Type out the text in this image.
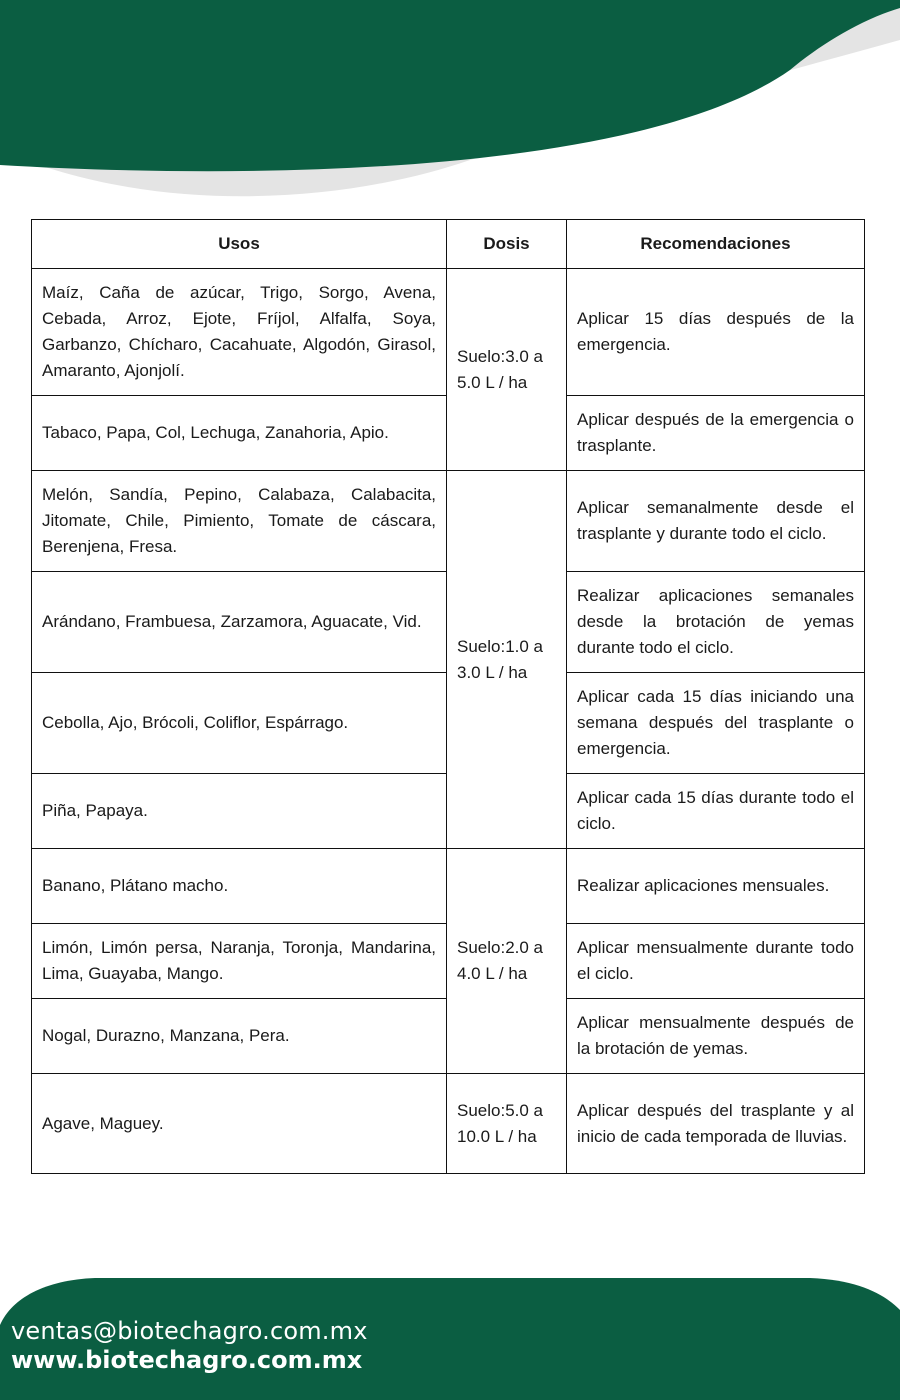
Usos	Dosis	Recomendaciones
Maíz, Caña de azúcar, Trigo, Sorgo, Avena, Cebada, Arroz, Ejote, Fríjol, Alfalfa, Soya, Garbanzo, Chícharo, Cacahuate, Algodón, Girasol, Amaranto, Ajonjolí.	Suelo:3.0 a 5.0 L / ha	Aplicar 15 días después de la emergencia.
Tabaco, Papa, Col, Lechuga, Zanahoria, Apio.		Aplicar después de la emergencia o trasplante.
Melón, Sandía, Pepino, Calabaza, Calabacita, Jitomate, Chile, Pimiento, Tomate de cáscara, Berenjena, Fresa.	Suelo:1.0 a 3.0 L / ha	Aplicar semanalmente desde el trasplante y durante todo el ciclo.
Arándano, Frambuesa, Zarzamora, Aguacate, Vid.		Realizar aplicaciones semanales desde la brotación de yemas durante todo el ciclo.
Cebolla, Ajo, Brócoli, Coliflor, Espárrago.		Aplicar cada 15 días iniciando una semana después del trasplante o emergencia.
Piña, Papaya.		Aplicar cada 15 días durante todo el ciclo.
Banano, Plátano macho.	Suelo:2.0 a 4.0 L / ha	Realizar aplicaciones mensuales.
Limón, Limón persa, Naranja, Toronja, Mandarina, Lima, Guayaba, Mango.		Aplicar mensualmente durante todo el ciclo.
Nogal, Durazno, Manzana, Pera.		Aplicar mensualmente después de la brotación de yemas.
Agave, Maguey.	Suelo:5.0 a 10.0 L / ha	Aplicar después del trasplante y al inicio de cada temporada de lluvias.
ventas@biotechagro.com.mx
www.biotechagro.com.mx
